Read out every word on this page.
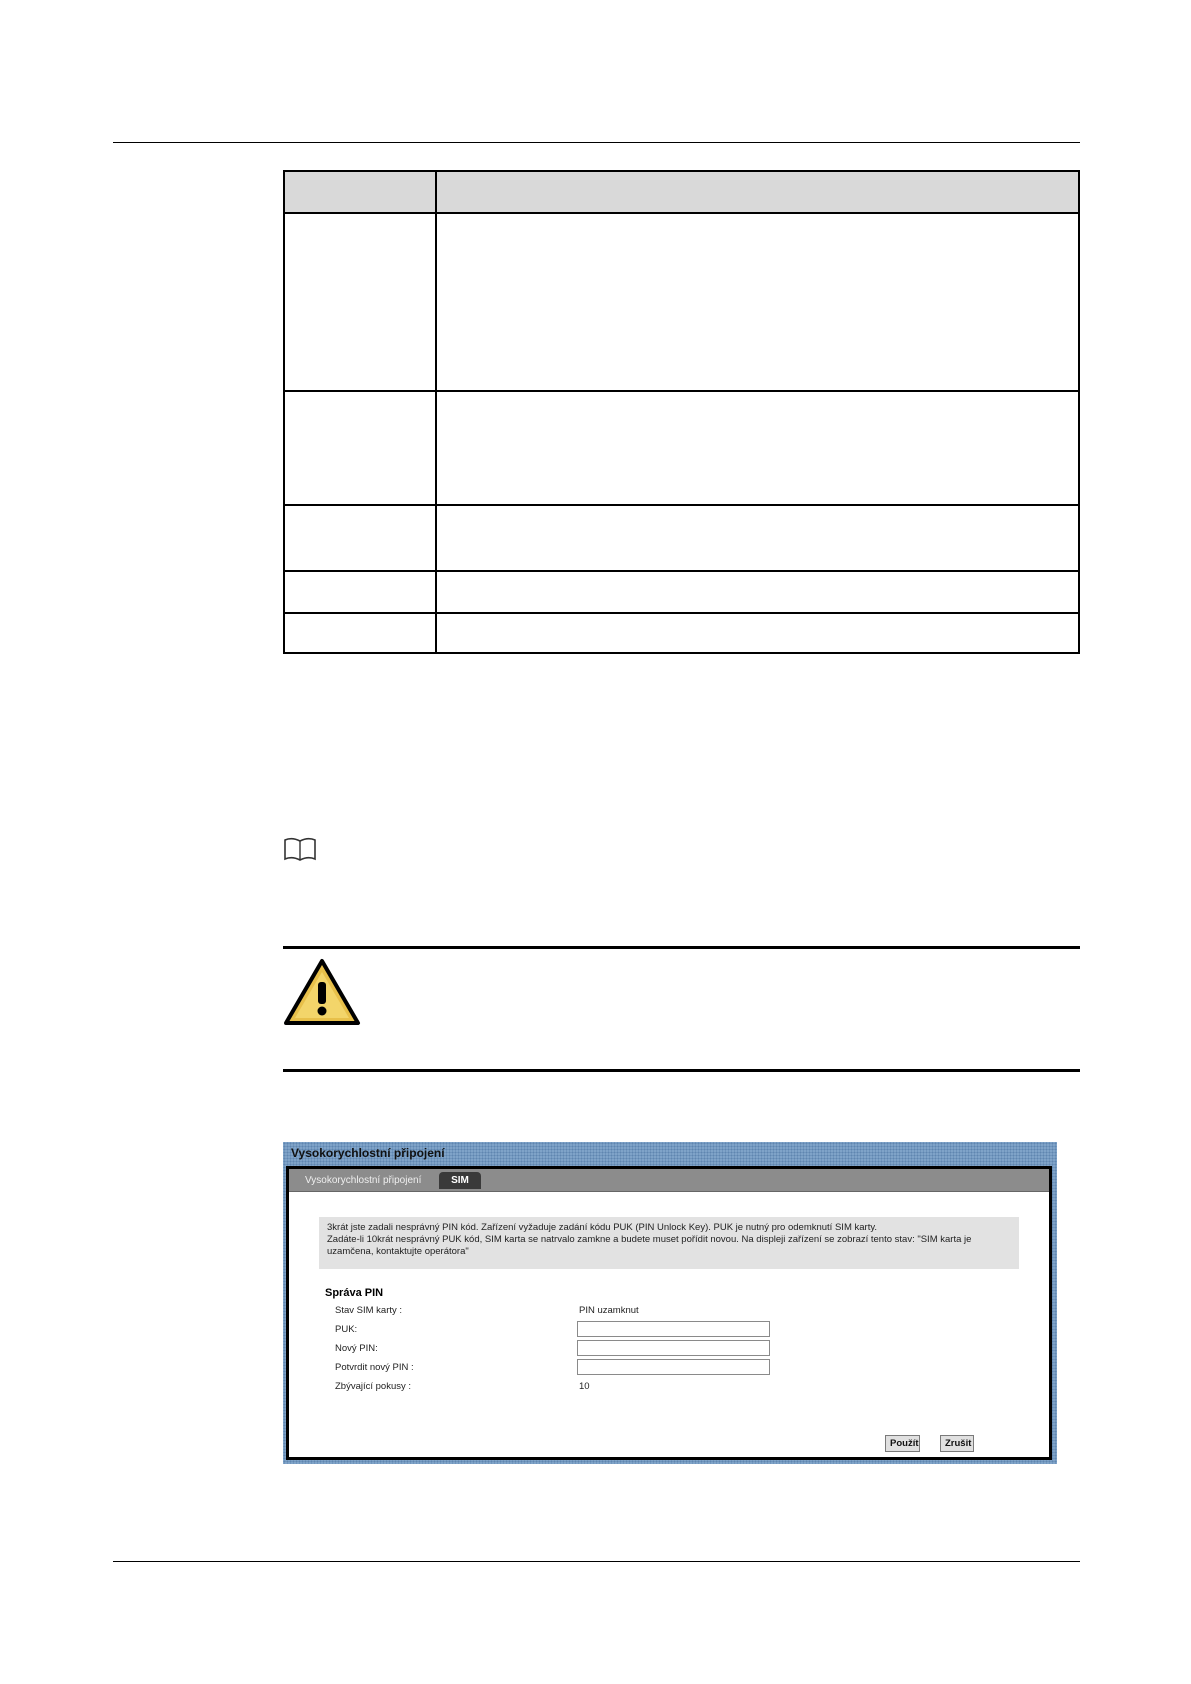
Vysokorychlostní připojení
Vysokorychlostní připojení	SIM
3krát jste zadali nesprávný PIN kód. Zařízení vyžaduje zadání kódu PUK (PIN Unlock Key). PUK je nutný pro odemknutí SIM karty.
Zadáte-li 10krát nesprávný PUK kód, SIM karta se natrvalo zamkne a budete muset pořídit novou. Na displeji zařízení se zobrazí tento stav: "SIM karta je
uzamčena, kontaktujte operátora"
Správa PIN
Stav SIM karty :	PIN uzamknut
PUK:
Nový PIN:
Potvrdit nový PIN :
Zbývající pokusy :	10
Použít	Zrušit
